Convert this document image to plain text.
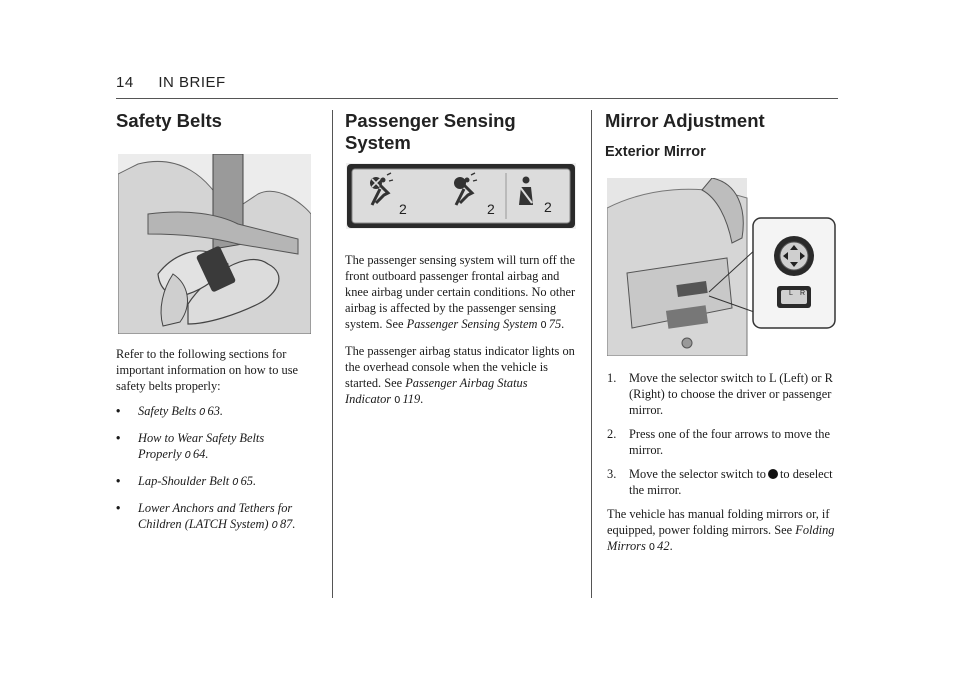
14 IN BRIEF
Safety Belts

Refer to the following sections for important information on how to use safety belts properly:

• Safety Belts 0 63.
• How to Wear Safety Belts Properly 0 64.
• Lap-Shoulder Belt 0 65.
• Lower Anchors and Tethers for Children (LATCH System) 0 87.
Passenger Sensing System
2	2	2

The passenger sensing system will turn off the front outboard passenger frontal airbag and knee airbag under certain conditions. No other airbag is affected by the passenger sensing system. See Passenger Sensing System 0 75.

The passenger airbag status indicator lights on the overhead console when the vehicle is started. See Passenger Airbag Status Indicator 0 119.

Mirror Adjustment
Exterior Mirror
L R
1. Move the selector switch to L (Left) or R (Right) to choose the driver or passenger mirror.
2. Press one of the four arrows to move the mirror.
3. Move the selector switch to to deselect the mirror.

The vehicle has manual folding mirrors or, if equipped, power folding mirrors. See Folding Mirrors 0 42.
